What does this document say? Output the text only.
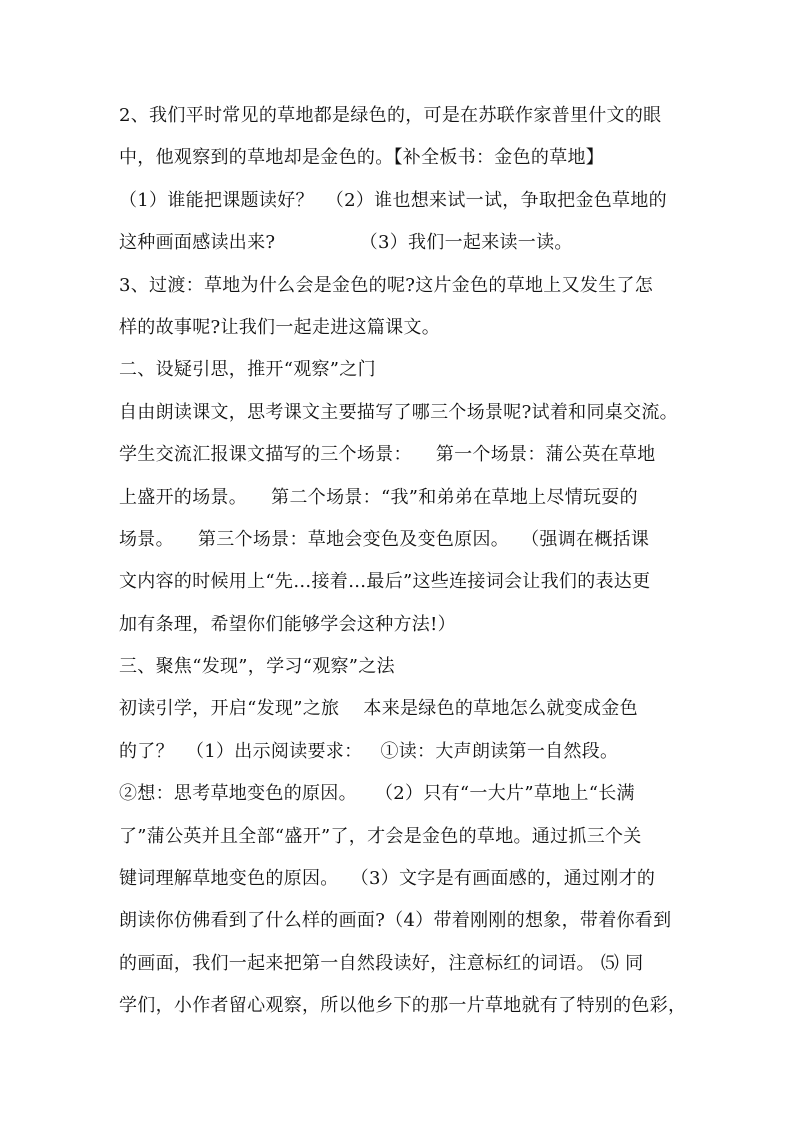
2、我们平时常见的草地都是绿色的，可是在苏联作家普里什文的眼
中，他观察到的草地却是金色的。【补全板书：金色的草地】
（1）谁能把课题读好？  （2）谁也想来试一试，争取把金色草地的
这种画面感读出来?              （3）我们一起来读一读。
3、过渡：草地为什么会是金色的呢?这片金色的草地上又发生了怎
样的故事呢?让我们一起走进这篇课文。
二、设疑引思，推开“观察”之门
自由朗读课文，思考课文主要描写了哪三个场景呢?试着和同桌交流。
学生交流汇报课文描写的三个场景：    第一个场景：蒲公英在草地
上盛开的场景。    第二个场景：“我”和弟弟在草地上尽情玩耍的
场景。    第三个场景：草地会变色及变色原因。  （强调在概括课
文内容的时候用上“先…接着…最后”这些连接词会让我们的表达更
加有条理，希望你们能够学会这种方法!）
三、聚焦“发现”，学习“观察”之法
初读引学，开启“发现”之旅    本来是绿色的草地怎么就变成金色
的了？  （1）出示阅读要求：   ①读：大声朗读第一自然段。
②想：思考草地变色的原因。   （2）只有“一大片”草地上“长满
了”蒲公英并且全部“盛开”了，才会是金色的草地。通过抓三个关
键词理解草地变色的原因。  （3）文字是有画面感的，通过刚才的
朗读你仿佛看到了什么样的画面?（4）带着刚刚的想象，带着你看到
的画面，我们一起来把第一自然段读好，注意标红的词语。 ⑸ 同
学们，小作者留心观察，所以他乡下的那一片草地就有了特别的色彩，
